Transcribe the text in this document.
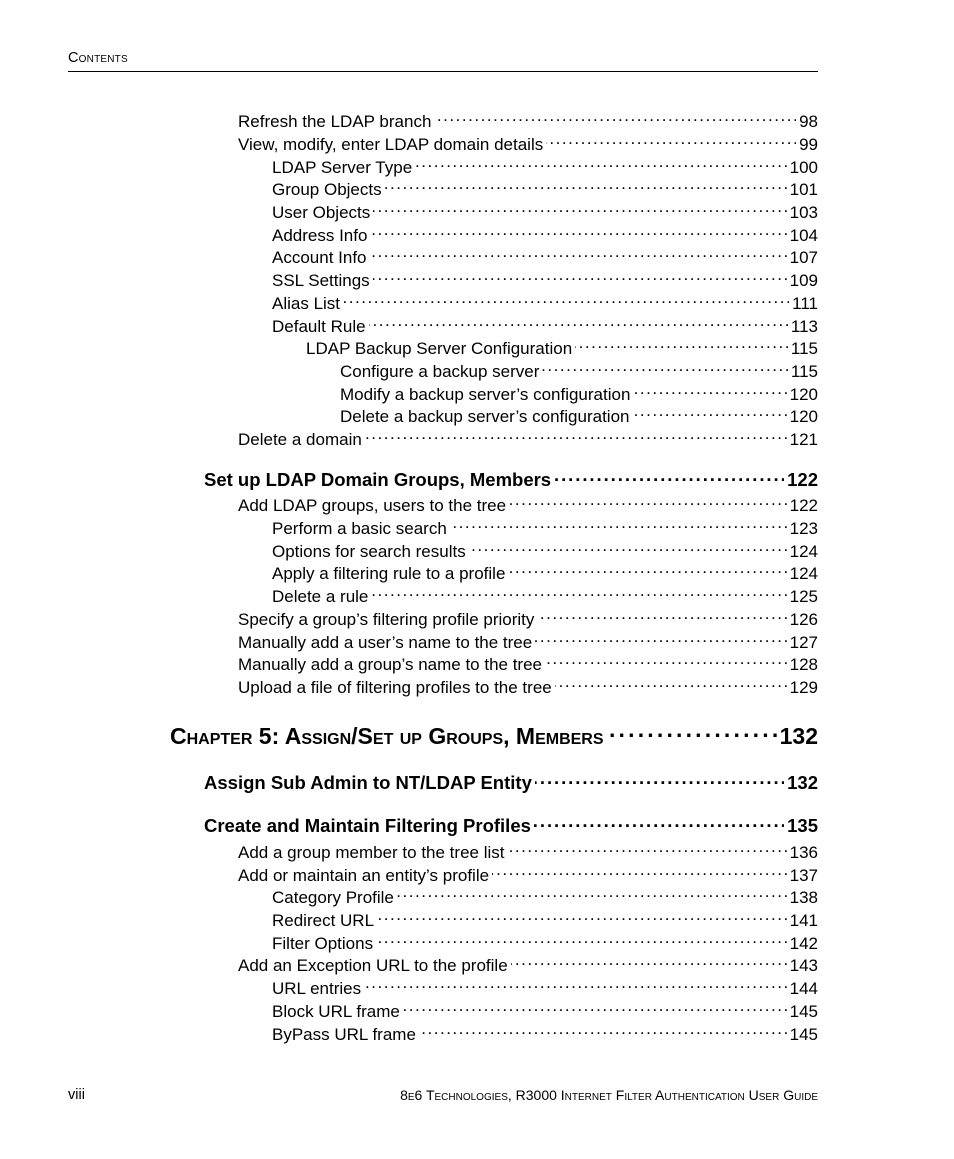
Contents
Refresh the LDAP branch . . .	98
View, modify, enter LDAP domain details . . .	99
LDAP Server Type . . .	100
Group Objects . . .	101
User Objects . . .	103
Address Info . . .	104
Account Info . . .	107
SSL Settings . . .	109
Alias List . . .	111
Default Rule . . .	113
LDAP Backup Server Configuration . . .	115
Configure a backup server . . .	115
Modify a backup server’s configuration . . .	120
Delete a backup server’s configuration . . .	120
Delete a domain . . .	121
Set up LDAP Domain Groups, Members . . .	122
Add LDAP groups, users to the tree . . .	122
Perform a basic search . . .	123
Options for search results . . .	124
Apply a filtering rule to a profile . . .	124
Delete a rule . . .	125
Specify a group’s filtering profile priority . . .	126
Manually add a user’s name to the tree . . .	127
Manually add a group’s name to the tree . . .	128
Upload a file of filtering profiles to the tree . . .	129
Chapter 5: Assign/Set up Groups, Members . . .	132
Assign Sub Admin to NT/LDAP Entity . . .	132
Create and Maintain Filtering Profiles . . .	135
Add a group member to the tree list . . .	136
Add or maintain an entity’s profile . . .	137
Category Profile . . .	138
Redirect URL . . .	141
Filter Options . . .	142
Add an Exception URL to the profile . . .	143
URL entries . . .	144
Block URL frame . . .	145
ByPass URL frame . . .	145
viii	8e6 Technologies, R3000 Internet Filter Authentication User Guide
